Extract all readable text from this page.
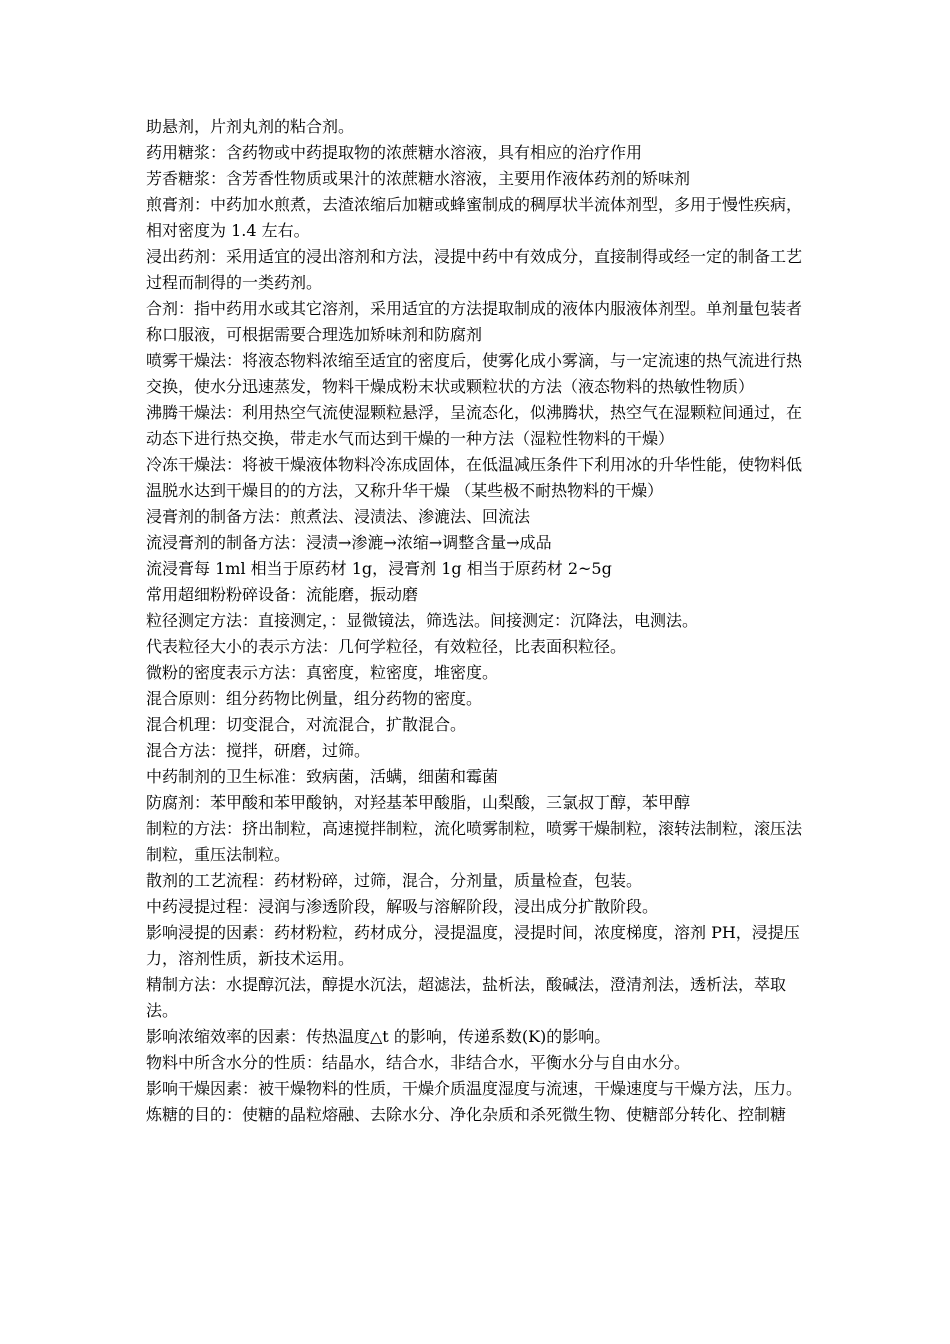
助悬剂，片剂丸剂的粘合剂。

药用糖浆：含药物或中药提取物的浓蔗糖水溶液，具有相应的治疗作用

芳香糖浆：含芳香性物质或果汁的浓蔗糖水溶液，主要用作液体药剂的矫味剂

煎膏剂：中药加水煎煮，去渣浓缩后加糖或蜂蜜制成的稠厚状半流体剂型，多用于慢性疾病，相对密度为 1.4 左右。

浸出药剂：采用适宜的浸出溶剂和方法，浸提中药中有效成分，直接制得或经一定的制备工艺过程而制得的一类药剂。

合剂：指中药用水或其它溶剂，采用适宜的方法提取制成的液体内服液体剂型。单剂量包装者称口服液，可根据需要合理选加矫味剂和防腐剂

喷雾干燥法：将液态物料浓缩至适宜的密度后，使雾化成小雾滴，与一定流速的热气流进行热交换，使水分迅速蒸发，物料干燥成粉末状或颗粒状的方法（液态物料的热敏性物质）

沸腾干燥法：利用热空气流使湿颗粒悬浮，呈流态化，似沸腾状，热空气在湿颗粒间通过，在动态下进行热交换，带走水气而达到干燥的一种方法（湿粒性物料的干燥）

冷冻干燥法：将被干燥液体物料冷冻成固体，在低温减压条件下利用冰的升华性能，使物料低温脱水达到干燥目的的方法，又称升华干燥 （某些极不耐热物料的干燥）

浸膏剂的制备方法：煎煮法、浸渍法、渗漉法、回流法

流浸膏剂的制备方法：浸渍→渗漉→浓缩→调整含量→成品

流浸膏每 1ml 相当于原药材 1g，浸膏剂 1g 相当于原药材 2~5g

常用超细粉粉碎设备：流能磨，振动磨

粒径测定方法：直接测定，：显微镜法，筛选法。间接测定：沉降法，电测法。

代表粒径大小的表示方法：几何学粒径，有效粒径，比表面积粒径。

微粉的密度表示方法：真密度，粒密度，堆密度。

混合原则：组分药物比例量，组分药物的密度。

混合机理：切变混合，对流混合，扩散混合。

混合方法：搅拌，研磨，过筛。

中药制剂的卫生标准：致病菌，活螨，细菌和霉菌

防腐剂：苯甲酸和苯甲酸钠，对羟基苯甲酸脂，山梨酸，三氯叔丁醇，苯甲醇

制粒的方法：挤出制粒，高速搅拌制粒，流化喷雾制粒，喷雾干燥制粒，滚转法制粒，滚压法制粒，重压法制粒。

散剂的工艺流程：药材粉碎，过筛，混合，分剂量，质量检查，包装。

中药浸提过程：浸润与渗透阶段，解吸与溶解阶段，浸出成分扩散阶段。

影响浸提的因素：药材粉粒，药材成分，浸提温度，浸提时间，浓度梯度，溶剂 PH，浸提压力，溶剂性质，新技术运用。

精制方法：水提醇沉法，醇提水沉法，超滤法，盐析法，酸碱法，澄清剂法，透析法，萃取法。

影响浓缩效率的因素：传热温度△t 的影响，传递系数(K)的影响。

物料中所含水分的性质：结晶水，结合水，非结合水，平衡水分与自由水分。

影响干燥因素：被干燥物料的性质，干燥介质温度湿度与流速，干燥速度与干燥方法，压力。

炼糖的目的：使糖的晶粒熔融、去除水分、净化杂质和杀死微生物、使糖部分转化、控制糖
